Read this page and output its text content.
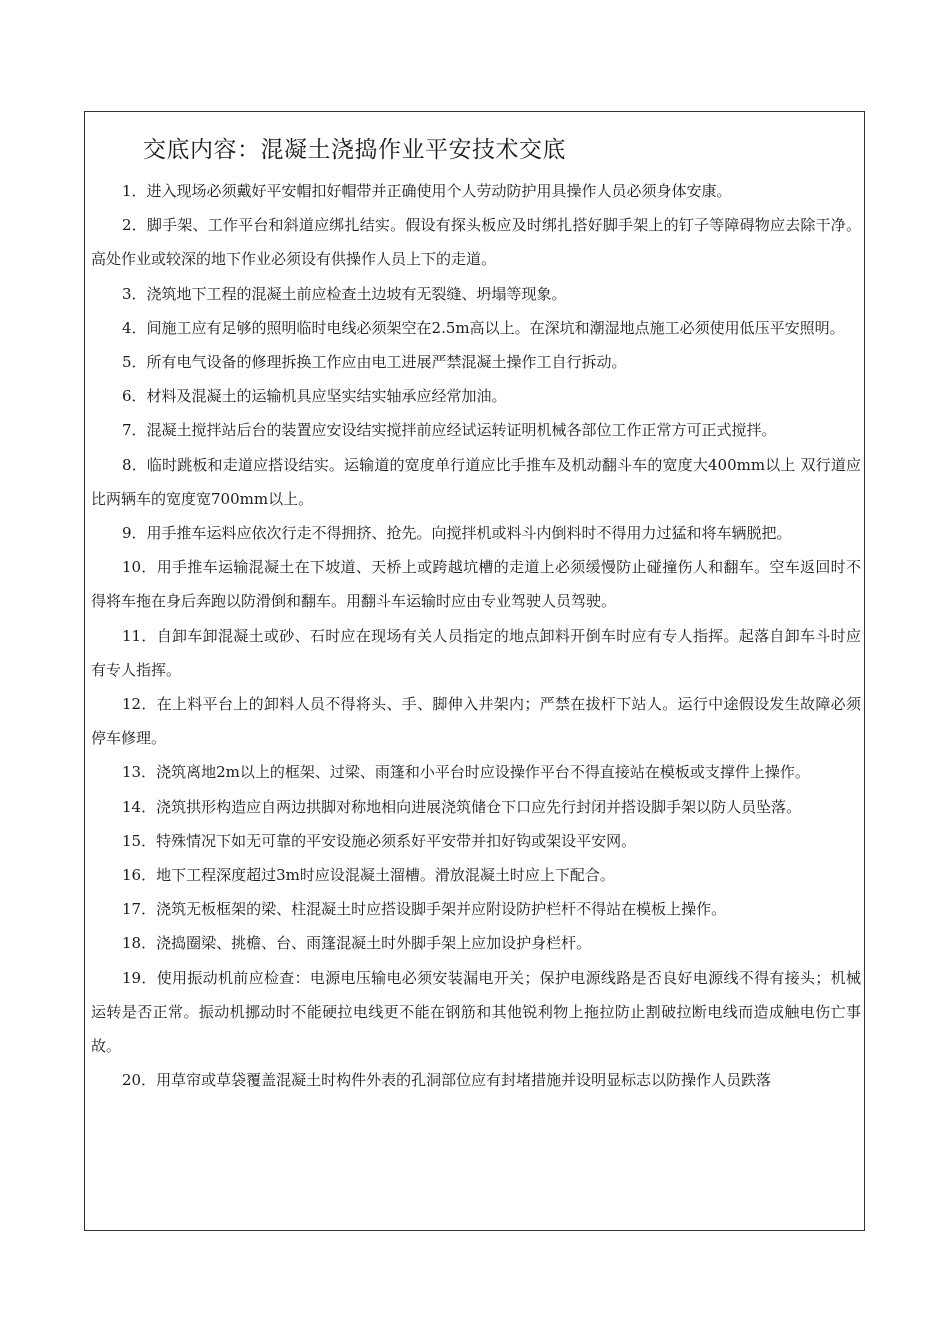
交底内容：混凝土浇捣作业平安技术交底

1．进入现场必须戴好平安帽扣好帽带并正确使用个人劳动防护用具操作人员必须身体安康。

2．脚手架、工作平台和斜道应绑扎结实。假设有探头板应及时绑扎搭好脚手架上的钉子等障碍物应去除干净。高处作业或较深的地下作业必须设有供操作人员上下的走道。

3．浇筑地下工程的混凝土前应检查土边坡有无裂缝、坍塌等现象。

4．间施工应有足够的照明临时电线必须架空在2.5m高以上。在深坑和潮湿地点施工必须使用低压平安照明。

5．所有电气设备的修理拆换工作应由电工进展严禁混凝土操作工自行拆动。

6．材料及混凝土的运输机具应坚实结实轴承应经常加油。

7．混凝土搅拌站后台的装置应安设结实搅拌前应经试运转证明机械各部位工作正常方可正式搅拌。

8．临时跳板和走道应搭设结实。运输道的宽度单行道应比手推车及机动翻斗车的宽度大400mm以上 双行道应比两辆车的宽度宽700mm以上。

9．用手推车运料应依次行走不得拥挤、抢先。向搅拌机或料斗内倒料时不得用力过猛和将车辆脱把。

10．用手推车运输混凝土在下坡道、天桥上或跨越坑槽的走道上必须缓慢防止碰撞伤人和翻车。空车返回时不得将车拖在身后奔跑以防滑倒和翻车。用翻斗车运输时应由专业驾驶人员驾驶。

11．自卸车卸混凝土或砂、石时应在现场有关人员指定的地点卸料开倒车时应有专人指挥。起落自卸车斗时应有专人指挥。

12．在上料平台上的卸料人员不得将头、手、脚伸入井架内；严禁在拔杆下站人。运行中途假设发生故障必须停车修理。

13．浇筑离地2m以上的框架、过梁、雨篷和小平台时应设操作平台不得直接站在模板或支撑件上操作。

14．浇筑拱形构造应自两边拱脚对称地相向进展浇筑储仓下口应先行封闭并搭设脚手架以防人员坠落。

15．特殊情况下如无可靠的平安设施必须系好平安带并扣好钩或架设平安网。

16．地下工程深度超过3m时应设混凝土溜槽。滑放混凝土时应上下配合。

17．浇筑无板框架的梁、柱混凝土时应搭设脚手架并应附设防护栏杆不得站在模板上操作。

18．浇捣圈梁、挑檐、台、雨篷混凝土时外脚手架上应加设护身栏杆。

19．使用振动机前应检查：电源电压输电必须安装漏电开关；保护电源线路是否良好电源线不得有接头；机械运转是否正常。振动机挪动时不能硬拉电线更不能在钢筋和其他锐利物上拖拉防止割破拉断电线而造成触电伤亡事故。

20．用草帘或草袋覆盖混凝土时构件外表的孔洞部位应有封堵措施并设明显标志以防操作人员跌落
